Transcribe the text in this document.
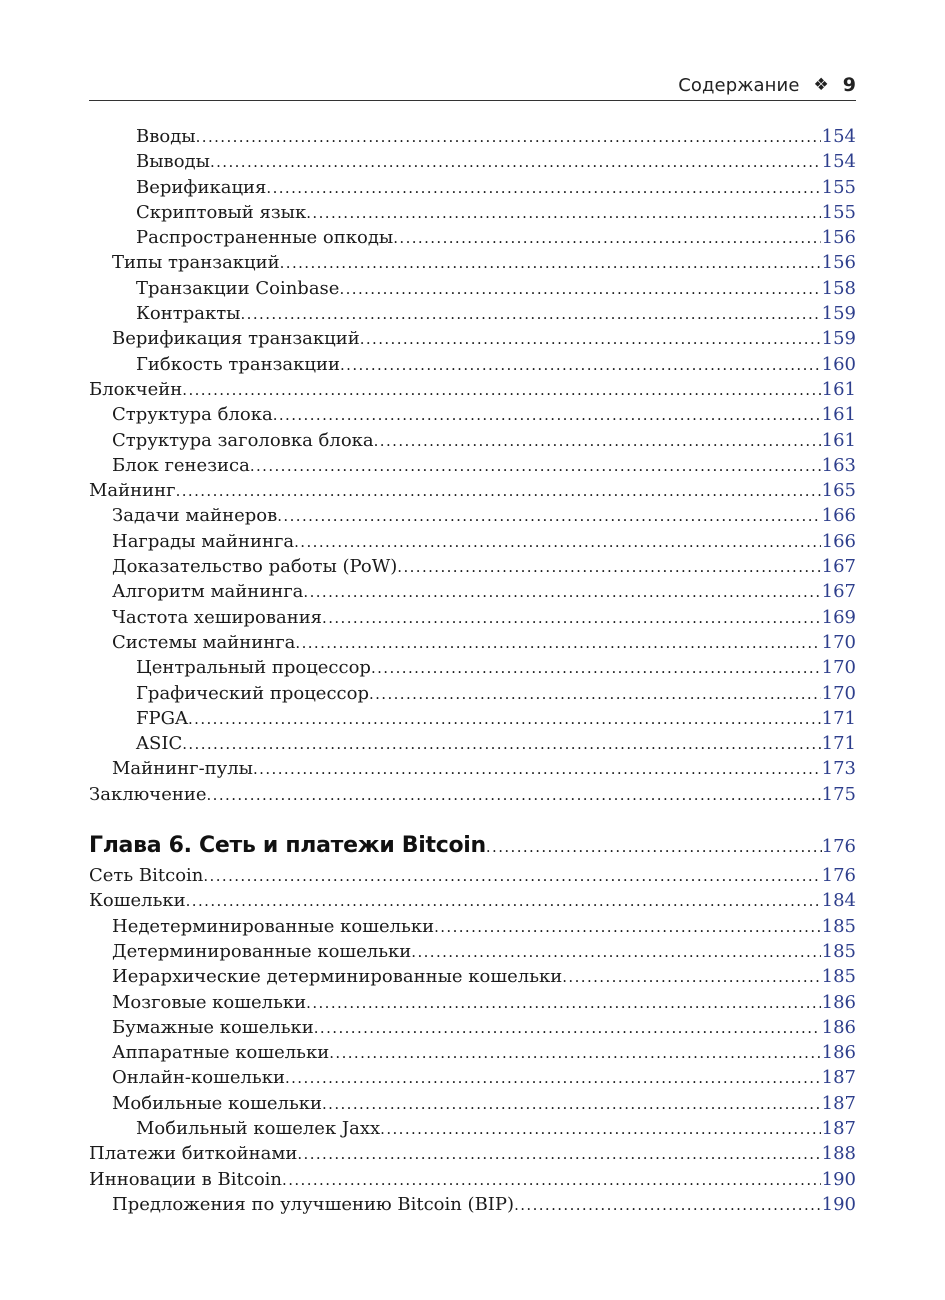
Содержание ❖ 9
Вводы .....	154
Выводы .....	154
Верификация .....	155
Скриптовый язык .....	155
Распространенные опкоды .....	156
Типы транзакций .....	156
Транзакции Coinbase .....	158
Контракты .....	159
Верификация транзакций .....	159
Гибкость транзакции .....	160
Блокчейн .....	161
Структура блока .....	161
Структура заголовка блока .....	161
Блок генезиса .....	163
Майнинг .....	165
Задачи майнеров .....	166
Награды майнинга .....	166
Доказательство работы (PoW) .....	167
Алгоритм майнинга .....	167
Частота хеширования .....	169
Системы майнинга .....	170
Центральный процессор .....	170
Графический процессор .....	170
FPGA .....	171
ASIC .....	171
Майнинг-пулы .....	173
Заключение .....	175
Глава 6. Сеть и платежи Bitcoin .....	176
Сеть Bitcoin .....	176
Кошельки .....	184
Недетерминированные кошельки .....	185
Детерминированные кошельки .....	185
Иерархические детерминированные кошельки .....	185
Мозговые кошельки .....	186
Бумажные кошельки .....	186
Аппаратные кошельки .....	186
Онлайн-кошельки .....	187
Мобильные кошельки .....	187
Мобильный кошелек Jaxx .....	187
Платежи биткойнами .....	188
Инновации в Bitcoin .....	190
Предложения по улучшению Bitcoin (BIP) .....	190
